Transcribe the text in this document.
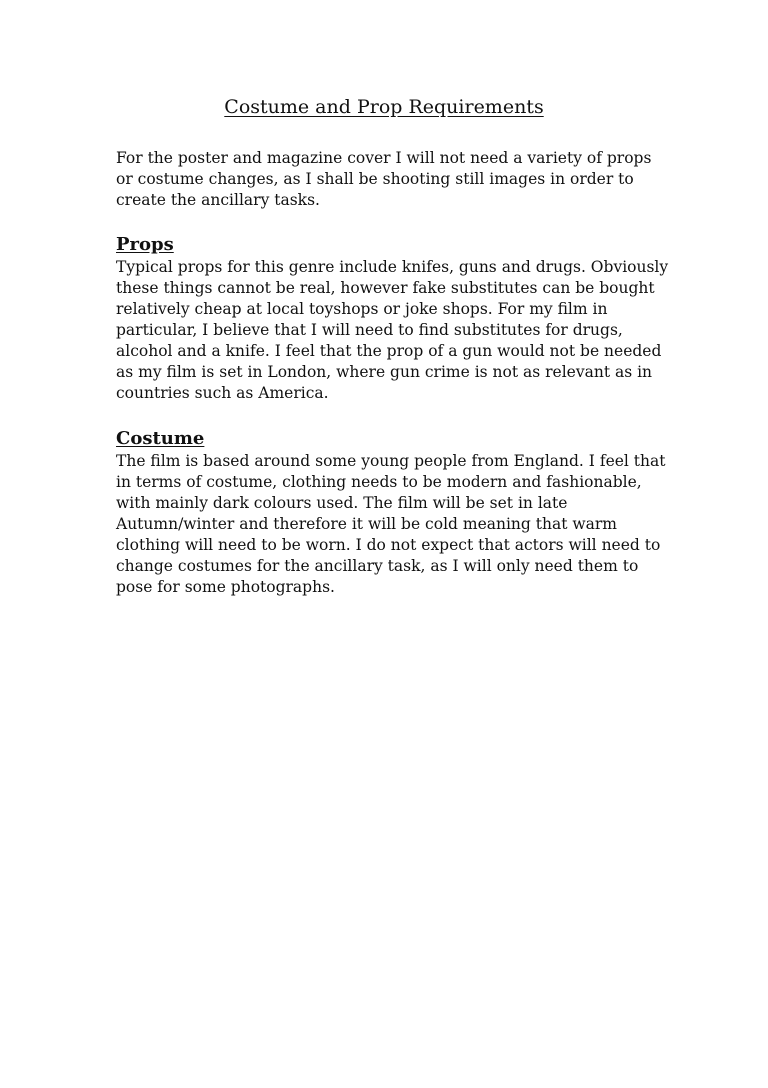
Costume and Prop Requirements

For the poster and magazine cover I will not need a variety of props
or costume changes, as I shall be shooting still images in order to
create the ancillary tasks.

Props

Typical props for this genre include knifes, guns and drugs. Obviously
these things cannot be real, however fake substitutes can be bought
relatively cheap at local toyshops or joke shops. For my film in
particular, I believe that I will need to find substitutes for drugs,
alcohol and a knife. I feel that the prop of a gun would not be needed
as my film is set in London, where gun crime is not as relevant as in
countries such as America.

Costume

The film is based around some young people from England. I feel that
in terms of costume, clothing needs to be modern and fashionable,
with mainly dark colours used. The film will be set in late
Autumn/winter and therefore it will be cold meaning that warm
clothing will need to be worn. I do not expect that actors will need to
change costumes for the ancillary task, as I will only need them to
pose for some photographs.
